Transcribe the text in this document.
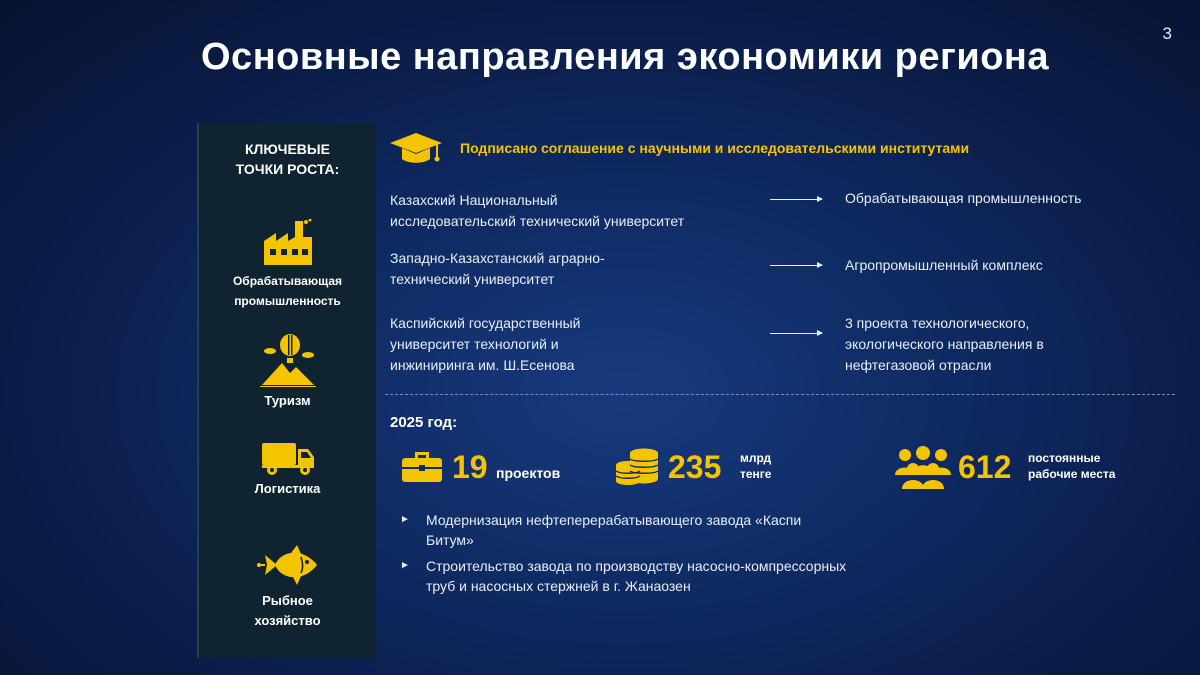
3
Основные направления экономики региона
КЛЮЧЕВЫЕ
ТОЧКИ РОСТА:
Обрабатывающая
промышленность
Туризм
Логистика
Рыбное
хозяйство
Подписано соглашение с научными и исследовательскими институтами
Казахский Национальный
исследовательский технический университет
Обрабатывающая промышленность
Западно-Казахстанский аграрно-
технический университет
Агропромышленный комплекс
Каспийский государственный
университет технологий и
инжиниринга им. Ш.Есенова
3 проекта технологического,
экологического направления в
нефтегазовой отрасли
2025 год:
19 проектов	235 млрд
тенге	612 постоянные
рабочие места
► Модернизация нефтеперерабатывающего завода «Каспи
Битум»
► Строительство завода по производству насосно-компрессорных
труб и насосных стержней в г. Жанаозен
